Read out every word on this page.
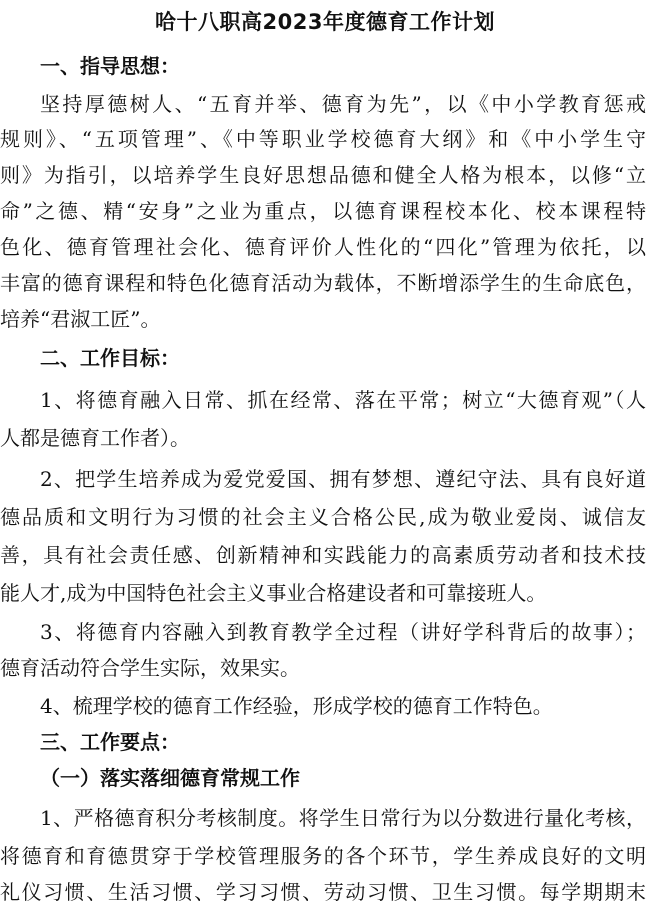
哈十八职高2023年度德育工作计划
一、指导思想：
坚持厚德树人、“五育并举、德育为先”，以《中小学教育惩戒
规则》、“五项管理”、《中等职业学校德育大纲》和《中小学生守
则》为指引，以培养学生良好思想品德和健全人格为根本，以修“立
命”之德、精“安身”之业为重点，以德育课程校本化、校本课程特
色化、德育管理社会化、德育评价人性化的“四化”管理为依托，以
丰富的德育课程和特色化德育活动为载体，不断增添学生的生命底色，
培养“君淑工匠”。
二、工作目标：
1、将德育融入日常、抓在经常、落在平常；树立“大德育观”（人
人都是德育工作者）。
2、把学生培养成为爱党爱国、拥有梦想、遵纪守法、具有良好道
德品质和文明行为习惯的社会主义合格公民,成为敬业爱岗、诚信友
善，具有社会责任感、创新精神和实践能力的高素质劳动者和技术技
能人才,成为中国特色社会主义事业合格建设者和可靠接班人。
3、将德育内容融入到教育教学全过程（讲好学科背后的故事）；
德育活动符合学生实际，效果实。
4、梳理学校的德育工作经验，形成学校的德育工作特色。
三、工作要点：
（一）落实落细德育常规工作
1、严格德育积分考核制度。将学生日常行为以分数进行量化考核，
将德育和育德贯穿于学校管理服务的各个环节，学生养成良好的文明
礼仪习惯、生活习惯、学习习惯、劳动习惯、卫生习惯。每学期期末
